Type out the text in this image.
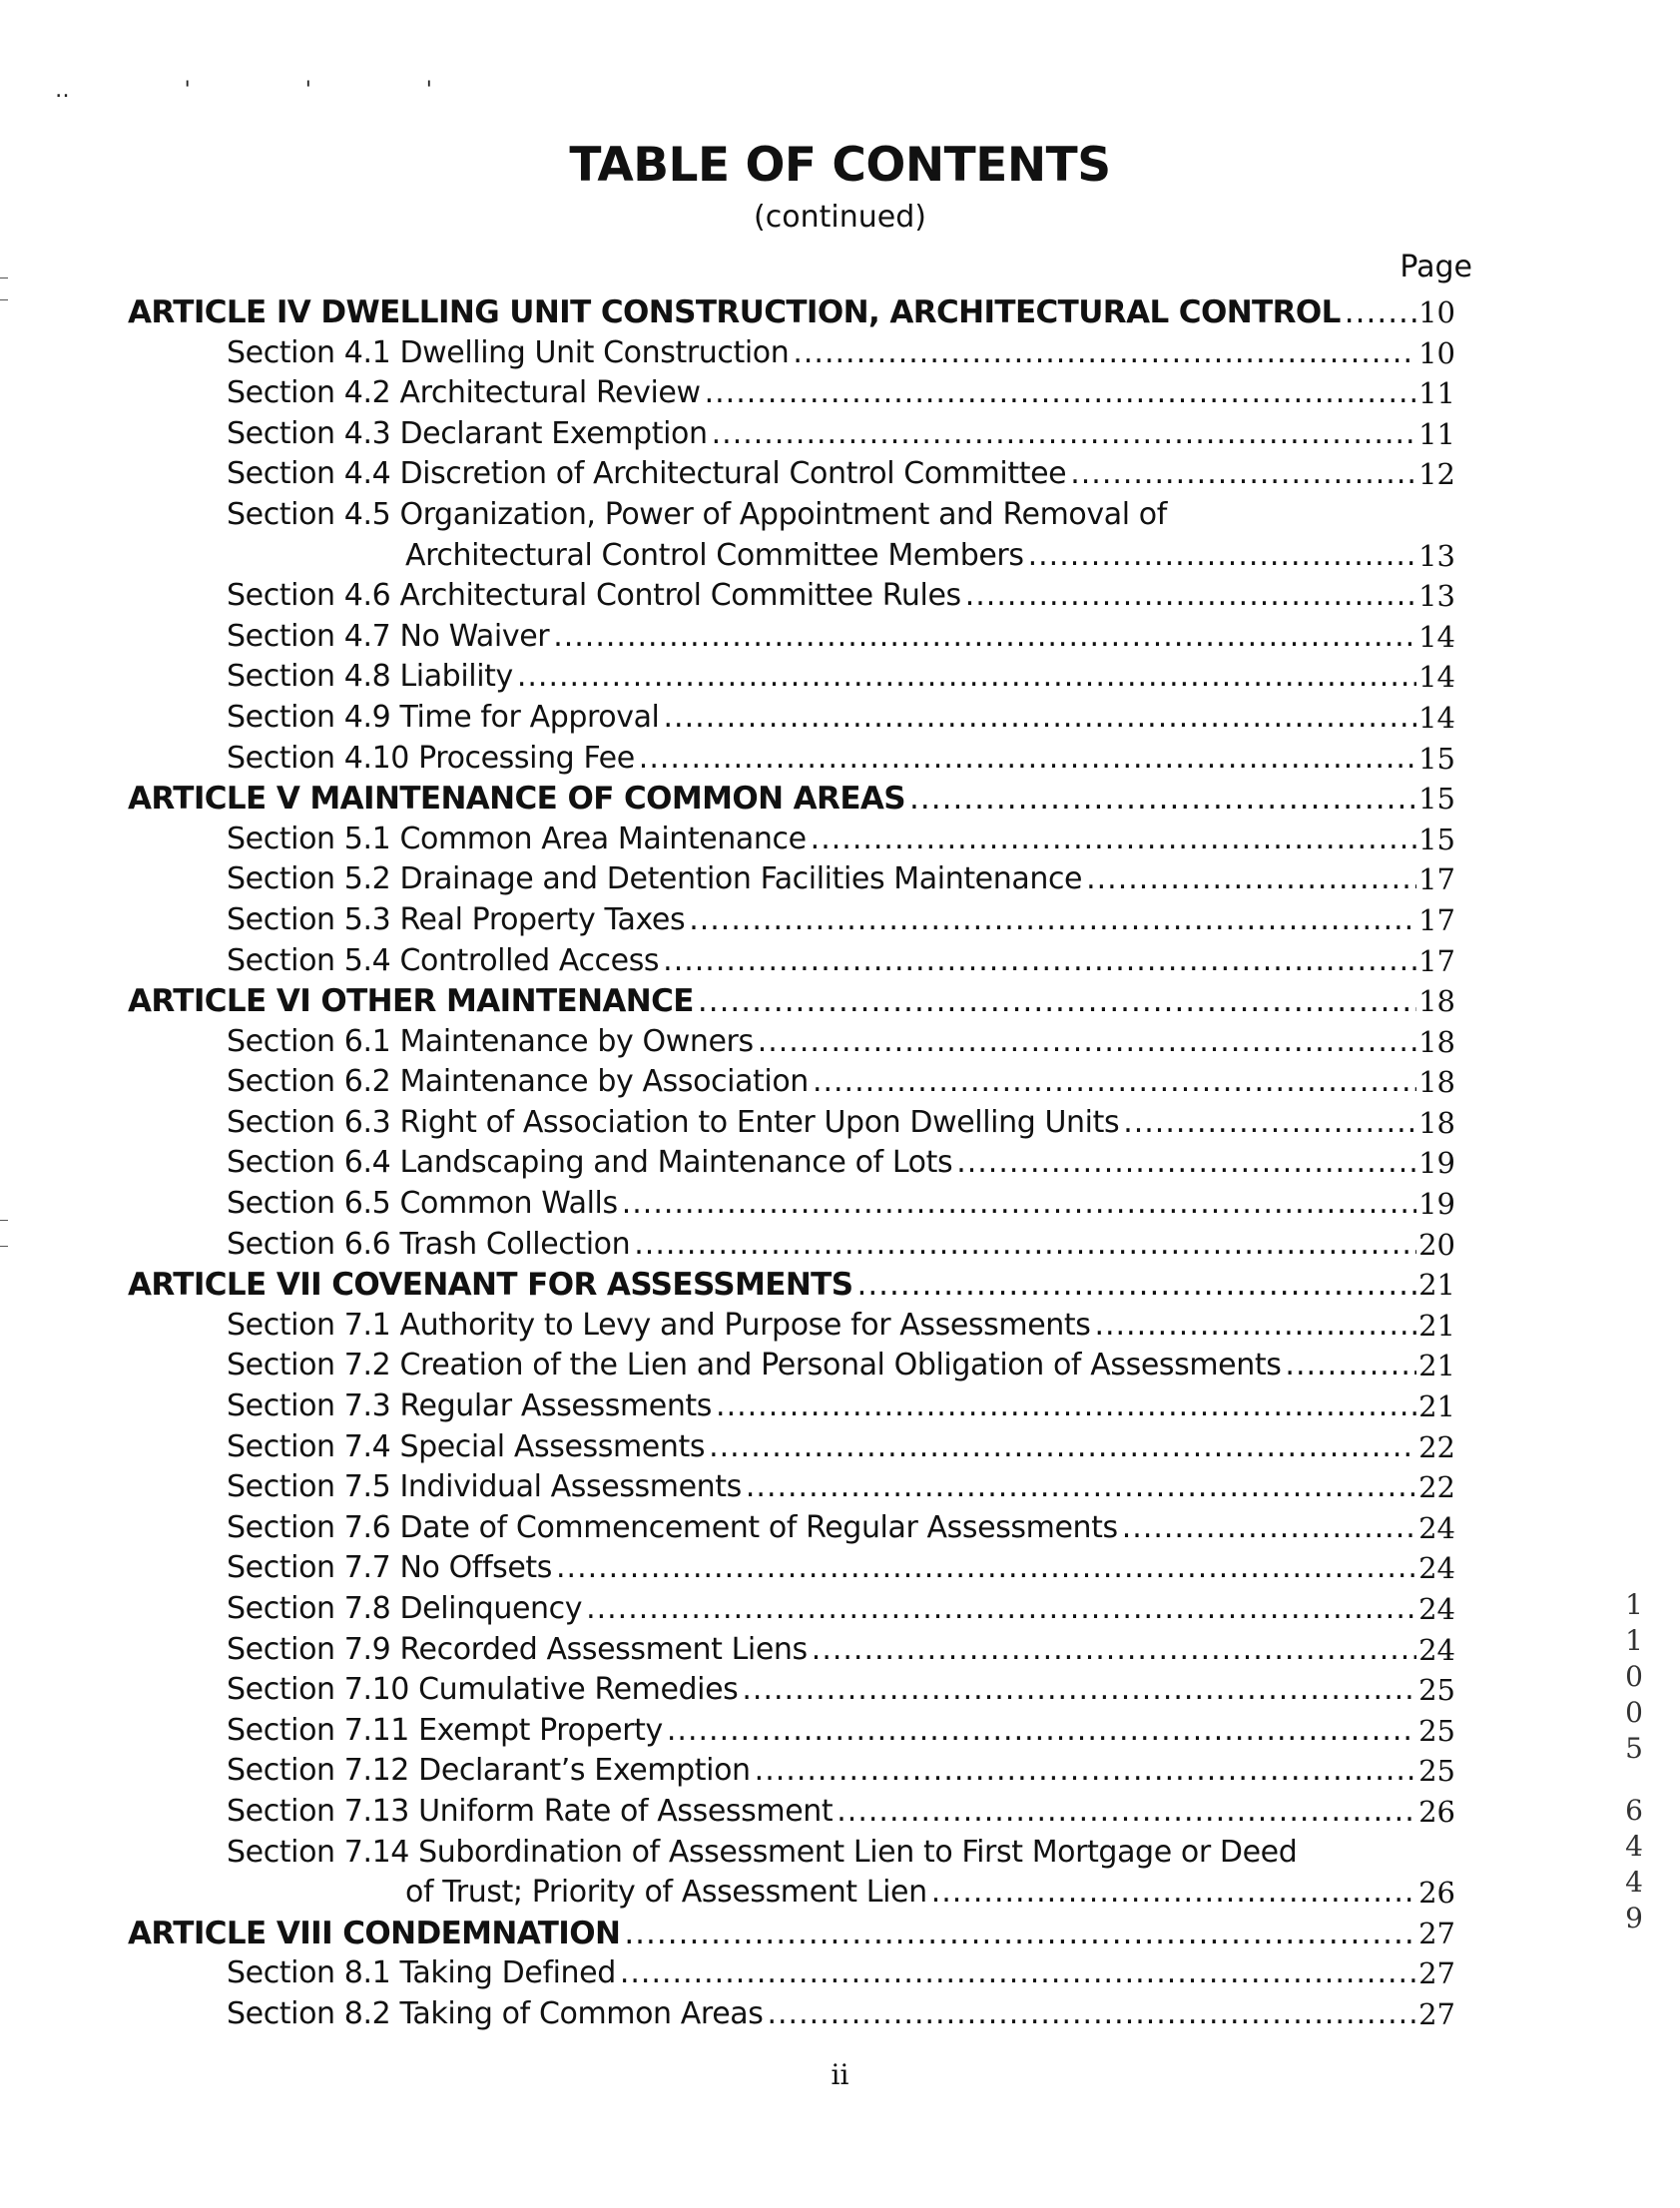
‥ ' ' '
TABLE OF CONTENTS
(continued)
Page
ARTICLE IV DWELLING UNIT CONSTRUCTION, ARCHITECTURAL CONTROL .....	10
Section 4.1 Dwelling Unit Construction .....	10
Section 4.2 Architectural Review .....	11
Section 4.3 Declarant Exemption .....	11
Section 4.4 Discretion of Architectural Control Committee .....	12
Section 4.5 Organization, Power of Appointment and Removal of
Architectural Control Committee Members .....	13
Section 4.6 Architectural Control Committee Rules .....	13
Section 4.7 No Waiver .....	14
Section 4.8 Liability .....	14
Section 4.9 Time for Approval .....	14
Section 4.10 Processing Fee .....	15
ARTICLE V MAINTENANCE OF COMMON AREAS .....	15
Section 5.1 Common Area Maintenance .....	15
Section 5.2 Drainage and Detention Facilities Maintenance .....	17
Section 5.3 Real Property Taxes .....	17
Section 5.4 Controlled Access .....	17
ARTICLE VI OTHER MAINTENANCE .....	18
Section 6.1 Maintenance by Owners .....	18
Section 6.2 Maintenance by Association .....	18
Section 6.3 Right of Association to Enter Upon Dwelling Units .....	18
Section 6.4 Landscaping and Maintenance of Lots .....	19
Section 6.5 Common Walls .....	19
Section 6.6 Trash Collection .....	20
ARTICLE VII COVENANT FOR ASSESSMENTS .....	21
Section 7.1 Authority to Levy and Purpose for Assessments .....	21
Section 7.2 Creation of the Lien and Personal Obligation of Assessments .....	21
Section 7.3 Regular Assessments .....	21
Section 7.4 Special Assessments .....	22
Section 7.5 Individual Assessments .....	22
Section 7.6 Date of Commencement of Regular Assessments .....	24
Section 7.7 No Offsets .....	24
Section 7.8 Delinquency .....	24
Section 7.9 Recorded Assessment Liens .....	24
Section 7.10 Cumulative Remedies .....	25
Section 7.11 Exempt Property .....	25
Section 7.12 Declarant’s Exemption .....	25
Section 7.13 Uniform Rate of Assessment .....	26
Section 7.14 Subordination of Assessment Lien to First Mortgage or Deed
of Trust; Priority of Assessment Lien .....	26
ARTICLE VIII CONDEMNATION .....	27
Section 8.1 Taking Defined .....	27
Section 8.2 Taking of Common Areas .....	27
ii
1
1
0
0
5
6
4
4
9
